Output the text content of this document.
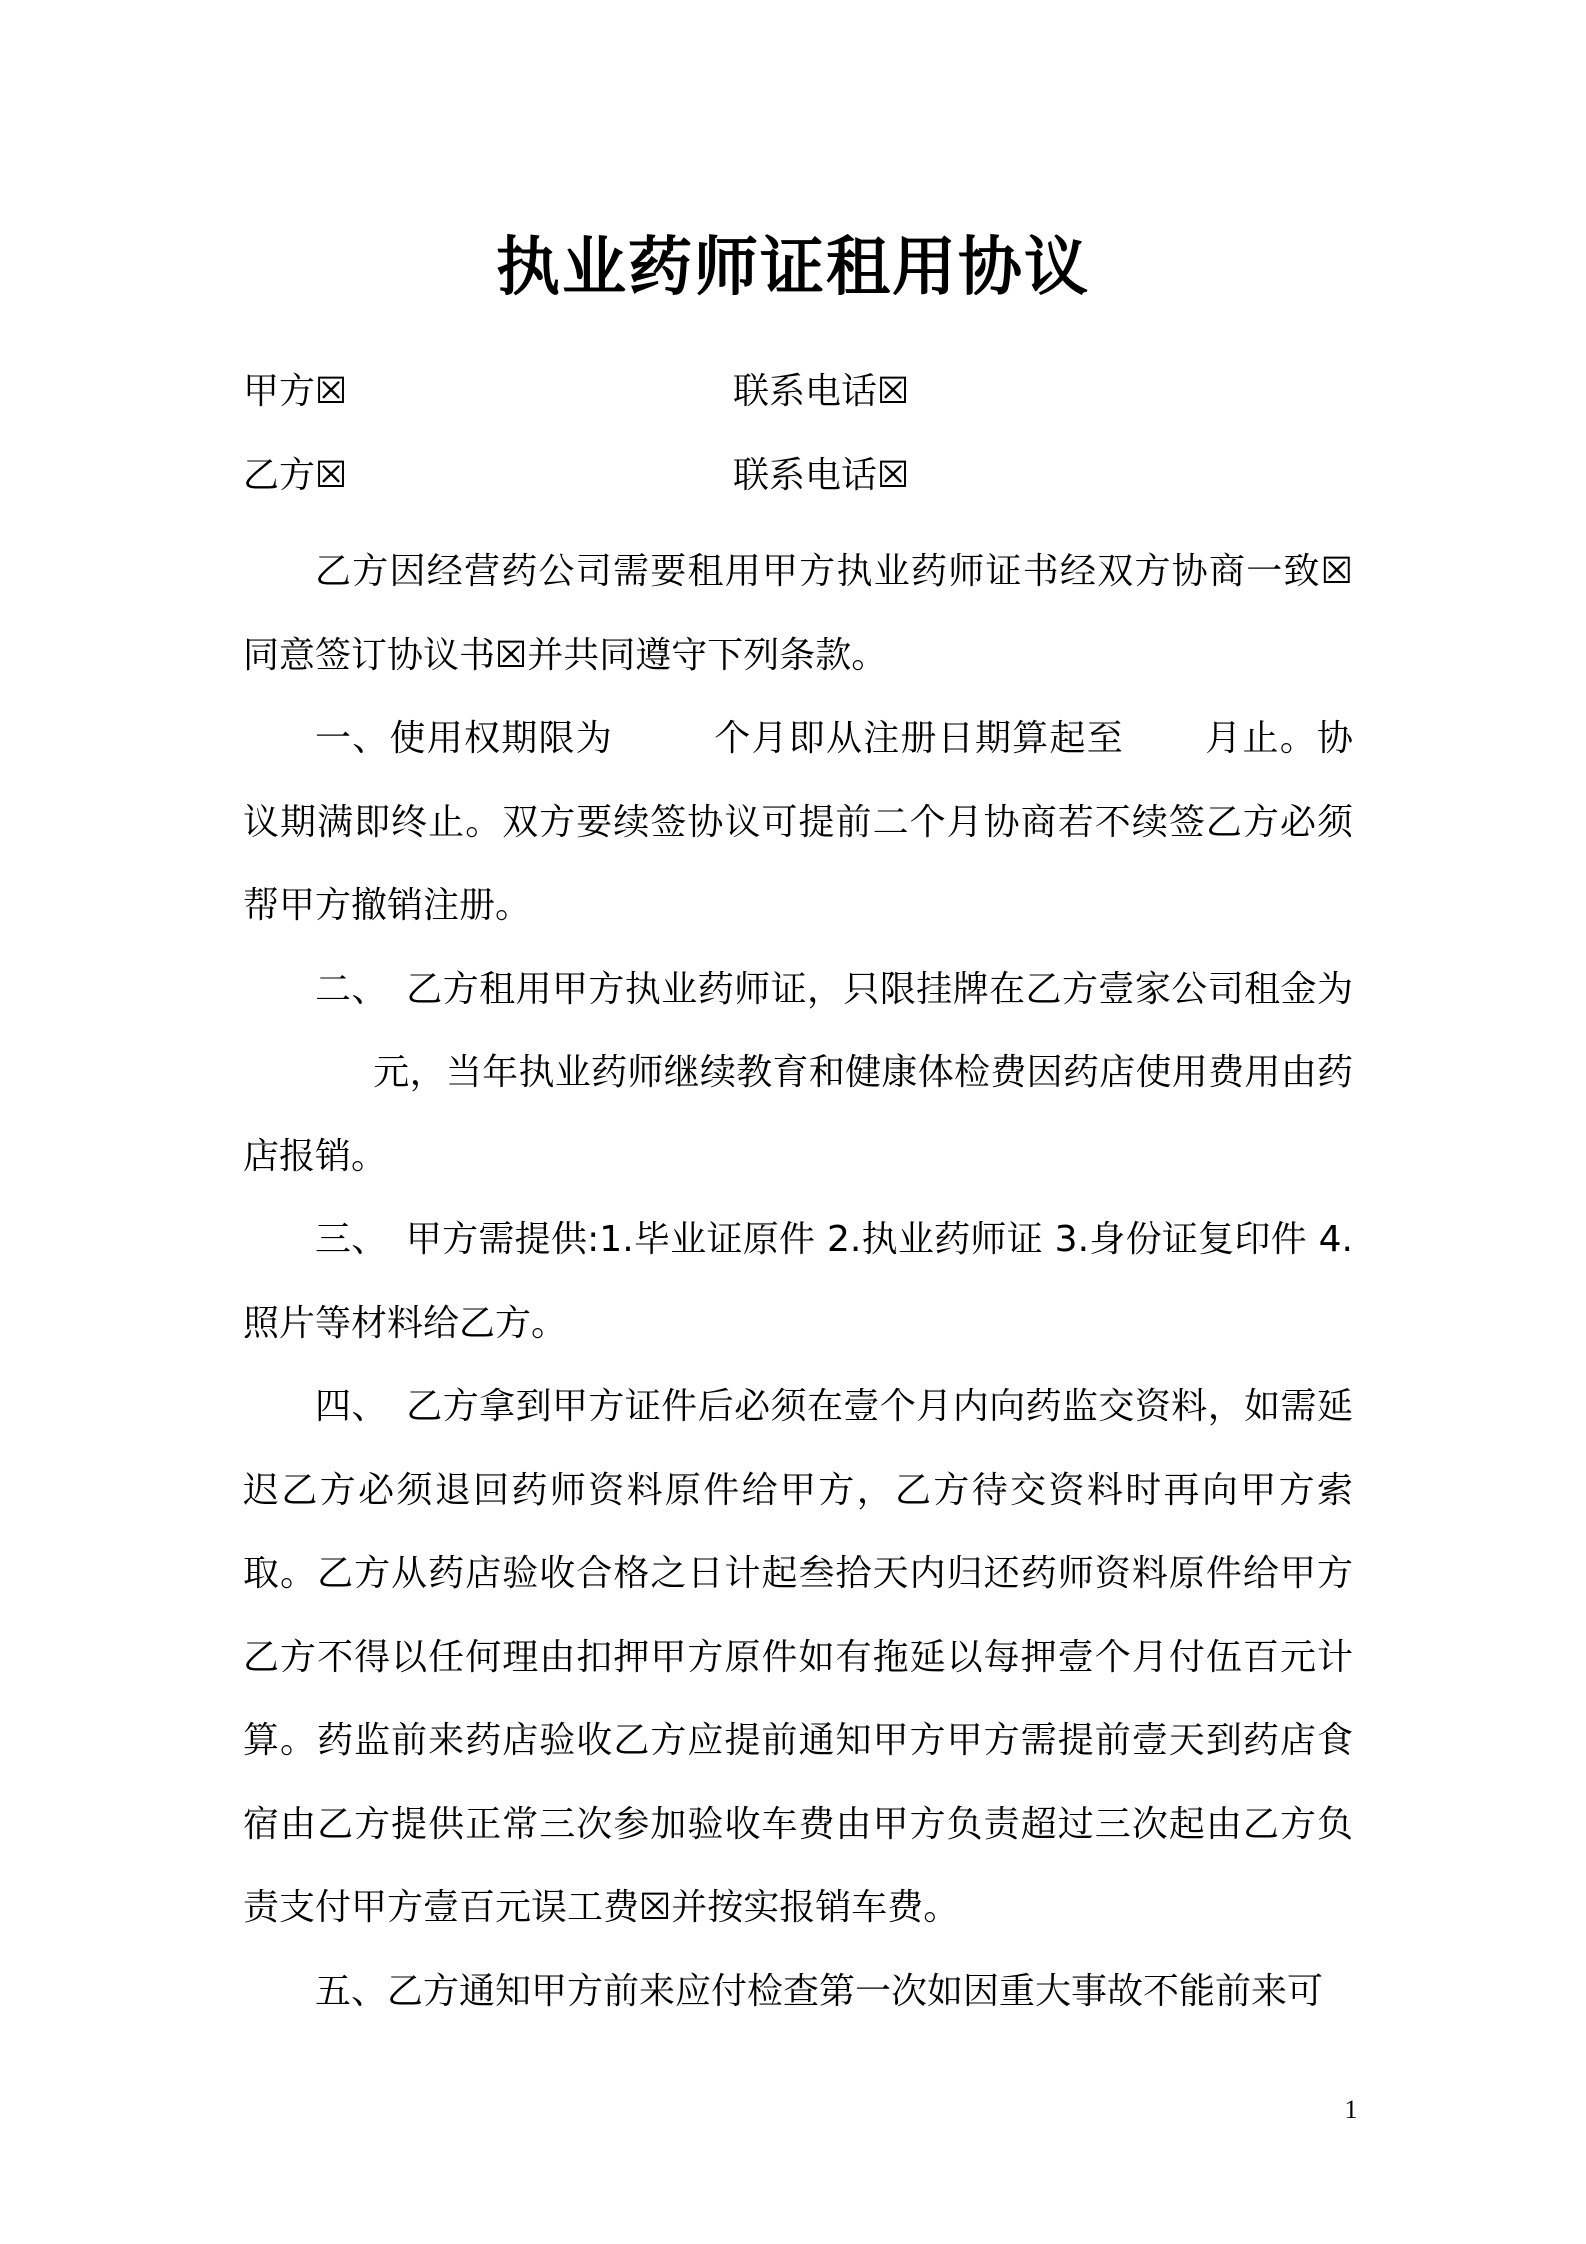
执业药师证租用协议
甲方☒	联系电话☒
乙方☒	联系电话☒

乙方因经营药公司需要租用甲方执业药师证书经双方协商一致☒同意签订协议书☒并共同遵守下列条款。

一、使用权期限为	个月即从注册日期算起至 月止。协议期满即终止。双方要续签协议可提前二个月协商若不续签乙方必须帮甲方撤销注册。

二、　乙方租用甲方执业药师证，只限挂牌在乙方壹家公司租金为元，当年执业药师继续教育和健康体检费因药店使用费用由药店报销。

三、　甲方需提供:1.毕业证原件 2.执业药师证 3.身份证复印件 4.照片等材料给乙方。

四、　乙方拿到甲方证件后必须在壹个月内向药监交资料，如需延迟乙方必须退回药师资料原件给甲方，乙方待交资料时再向甲方索取。乙方从药店验收合格之日计起叁拾天内归还药师资料原件给甲方乙方不得以任何理由扣押甲方原件如有拖延以每押壹个月付伍百元计算。药监前来药店验收乙方应提前通知甲方甲方需提前壹天到药店食宿由乙方提供正常三次参加验收车费由甲方负责超过三次起由乙方负责支付甲方壹百元误工费☒并按实报销车费。

五、乙方通知甲方前来应付检查第一次如因重大事故不能前来可

1
